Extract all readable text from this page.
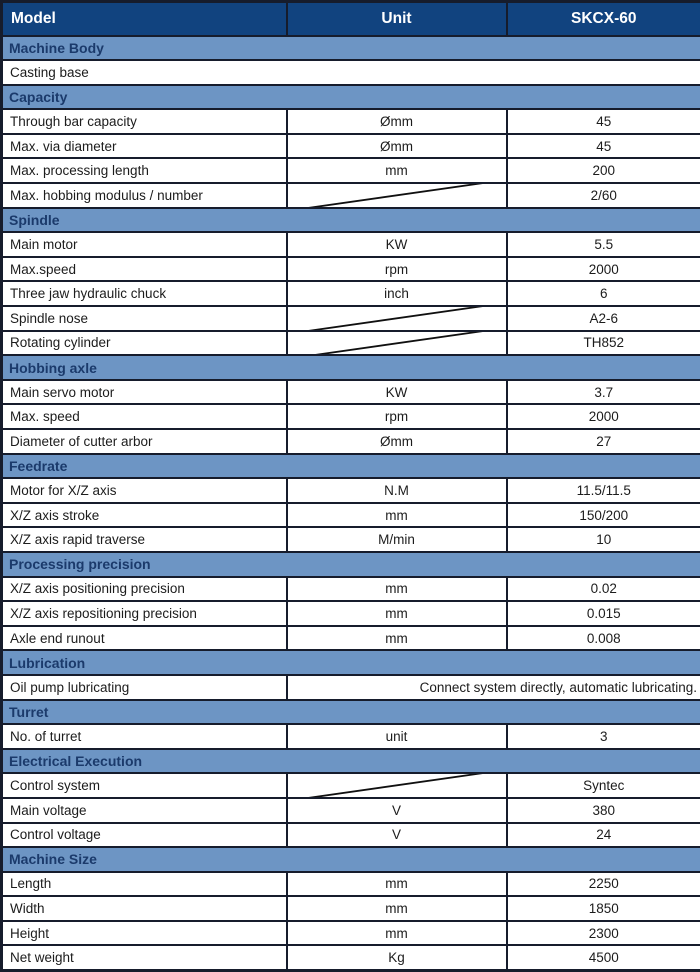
Model	Unit	SKCX-60
Machine Body		
Casting base		
Capacity		
Through bar capacity	Ømm	45
Max. via diameter	Ømm	45
Max. processing length	mm	200
Max. hobbing modulus / number		2/60
Spindle		
Main motor	KW	5.5
Max.speed	rpm	2000
Three jaw hydraulic chuck	inch	6
Spindle nose		A2-6
Rotating cylinder		TH852
Hobbing axle		
Main servo motor	KW	3.7
Max. speed	rpm	2000
Diameter of cutter arbor	Ømm	27
Feedrate		
Motor for X/Z axis	N.M	11.5/11.5
X/Z axis stroke	mm	150/200
X/Z axis rapid traverse	M/min	10
Processing precision		
X/Z axis positioning precision	mm	0.02
X/Z axis repositioning precision	mm	0.015
Axle end runout	mm	0.008
Lubrication		
Oil pump lubricating	Connect system directly, automatic lubricating.	
Turret		
No. of turret	unit	3
Electrical Execution		
Control system		Syntec
Main voltage	V	380
Control voltage	V	24
Machine Size		
Length	mm	2250
Width	mm	1850
Height	mm	2300
Net weight	Kg	4500
